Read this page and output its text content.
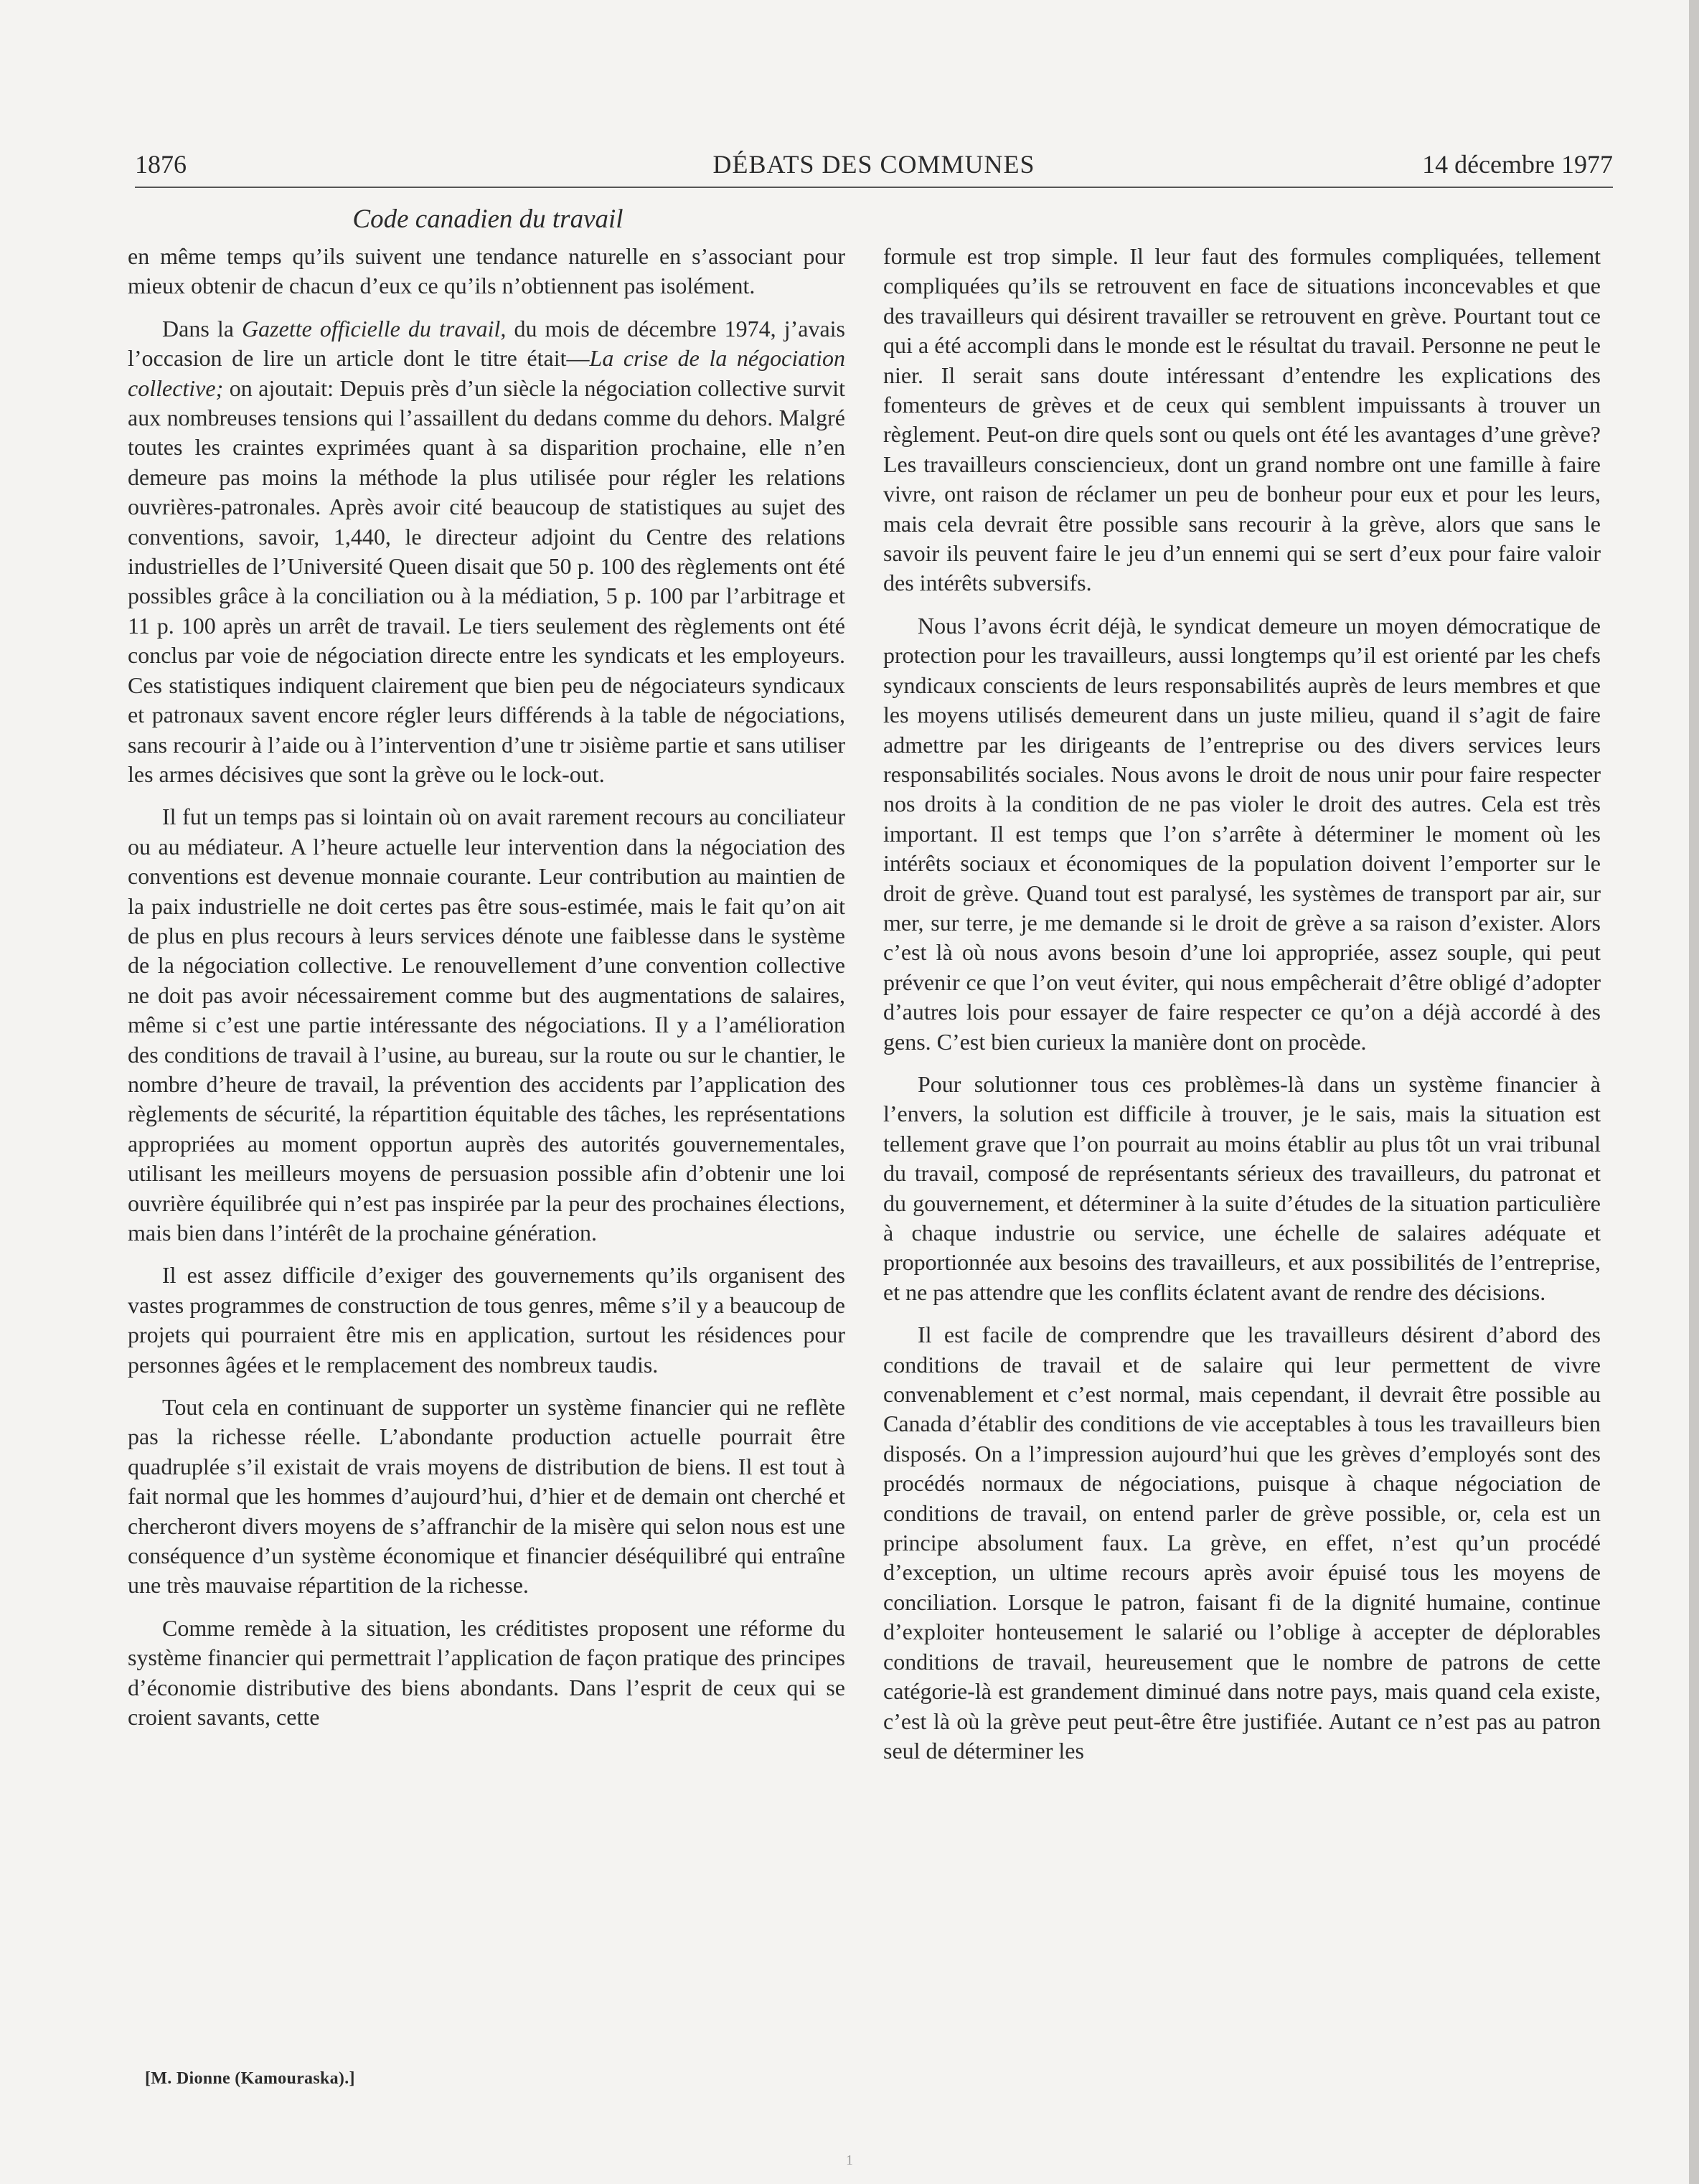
1876	DÉBATS DES COMMUNES	14 décembre 1977
Code canadien du travail

en même temps qu’ils suivent une tendance naturelle en s’associant pour mieux obtenir de chacun d’eux ce qu’ils n’obtiennent pas isolément.

Dans la Gazette officielle du travail, du mois de décembre 1974, j’avais l’occasion de lire un article dont le titre était—La crise de la négociation collective; on ajoutait: Depuis près d’un siècle la négociation collective survit aux nombreuses tensions qui l’assaillent du dedans comme du dehors. Malgré toutes les craintes exprimées quant à sa disparition prochaine, elle n’en demeure pas moins la méthode la plus utilisée pour régler les relations ouvrières-patronales. Après avoir cité beaucoup de statistiques au sujet des conventions, savoir, 1,440, le directeur adjoint du Centre des relations industrielles de l’Université Queen disait que 50 p. 100 des règlements ont été possibles grâce à la conciliation ou à la médiation, 5 p. 100 par l’arbitrage et 11 p. 100 après un arrêt de travail. Le tiers seulement des règlements ont été conclus par voie de négociation directe entre les syndicats et les employeurs. Ces statistiques indiquent clairement que bien peu de négociateurs syndicaux et patronaux savent encore régler leurs différends à la table de négociations, sans recourir à l’aide ou à l’intervention d’une tr ɔisième partie et sans utiliser les armes décisives que sont la grève ou le lock-out.

Il fut un temps pas si lointain où on avait rarement recours au conciliateur ou au médiateur. A l’heure actuelle leur intervention dans la négociation des conventions est devenue monnaie courante. Leur contribution au maintien de la paix industrielle ne doit certes pas être sous-estimée, mais le fait qu’on ait de plus en plus recours à leurs services dénote une faiblesse dans le système de la négociation collective. Le renouvellement d’une convention collective ne doit pas avoir nécessairement comme but des augmentations de salaires, même si c’est une partie intéressante des négociations. Il y a l’amélioration des conditions de travail à l’usine, au bureau, sur la route ou sur le chantier, le nombre d’heure de travail, la prévention des accidents par l’application des règlements de sécurité, la répartition équitable des tâches, les représentations appropriées au moment opportun auprès des autorités gouvernementales, utilisant les meilleurs moyens de persuasion possible afin d’obtenir une loi ouvrière équilibrée qui n’est pas inspirée par la peur des prochaines élections, mais bien dans l’intérêt de la prochaine génération.

Il est assez difficile d’exiger des gouvernements qu’ils organisent des vastes programmes de construction de tous genres, même s’il y a beaucoup de projets qui pourraient être mis en application, surtout les résidences pour personnes âgées et le remplacement des nombreux taudis.

Tout cela en continuant de supporter un système financier qui ne reflète pas la richesse réelle. L’abondante production actuelle pourrait être quadruplée s’il existait de vrais moyens de distribution de biens. Il est tout à fait normal que les hommes d’aujourd’hui, d’hier et de demain ont cherché et chercheront divers moyens de s’affranchir de la misère qui selon nous est une conséquence d’un système économique et financier déséquilibré qui entraîne une très mauvaise répartition de la richesse.

Comme remède à la situation, les créditistes proposent une réforme du système financier qui permettrait l’application de façon pratique des principes d’économie distributive des biens abondants. Dans l’esprit de ceux qui se croient savants, cette

formule est trop simple. Il leur faut des formules compliquées, tellement compliquées qu’ils se retrouvent en face de situations inconcevables et que des travailleurs qui désirent travailler se retrouvent en grève. Pourtant tout ce qui a été accompli dans le monde est le résultat du travail. Personne ne peut le nier. Il serait sans doute intéressant d’entendre les explications des fomenteurs de grèves et de ceux qui semblent impuissants à trouver un règlement. Peut-on dire quels sont ou quels ont été les avantages d’une grève? Les travailleurs consciencieux, dont un grand nombre ont une famille à faire vivre, ont raison de réclamer un peu de bonheur pour eux et pour les leurs, mais cela devrait être possible sans recourir à la grève, alors que sans le savoir ils peuvent faire le jeu d’un ennemi qui se sert d’eux pour faire valoir des intérêts subversifs.

Nous l’avons écrit déjà, le syndicat demeure un moyen démocratique de protection pour les travailleurs, aussi longtemps qu’il est orienté par les chefs syndicaux conscients de leurs responsabilités auprès de leurs membres et que les moyens utilisés demeurent dans un juste milieu, quand il s’agit de faire admettre par les dirigeants de l’entreprise ou des divers services leurs responsabilités sociales. Nous avons le droit de nous unir pour faire respecter nos droits à la condition de ne pas violer le droit des autres. Cela est très important. Il est temps que l’on s’arrête à déterminer le moment où les intérêts sociaux et économiques de la population doivent l’emporter sur le droit de grève. Quand tout est paralysé, les systèmes de transport par air, sur mer, sur terre, je me demande si le droit de grève a sa raison d’exister. Alors c’est là où nous avons besoin d’une loi appropriée, assez souple, qui peut prévenir ce que l’on veut éviter, qui nous empêcherait d’être obligé d’adopter d’autres lois pour essayer de faire respecter ce qu’on a déjà accordé à des gens. C’est bien curieux la manière dont on procède.

Pour solutionner tous ces problèmes-là dans un système financier à l’envers, la solution est difficile à trouver, je le sais, mais la situation est tellement grave que l’on pourrait au moins établir au plus tôt un vrai tribunal du travail, composé de représentants sérieux des travailleurs, du patronat et du gouvernement, et déterminer à la suite d’études de la situation particulière à chaque industrie ou service, une échelle de salaires adéquate et proportionnée aux besoins des travailleurs, et aux possibilités de l’entreprise, et ne pas attendre que les conflits éclatent avant de rendre des décisions.

Il est facile de comprendre que les travailleurs désirent d’abord des conditions de travail et de salaire qui leur permettent de vivre convenablement et c’est normal, mais cependant, il devrait être possible au Canada d’établir des conditions de vie acceptables à tous les travailleurs bien disposés. On a l’impression aujourd’hui que les grèves d’employés sont des procédés normaux de négociations, puisque à chaque négociation de conditions de travail, on entend parler de grève possible, or, cela est un principe absolument faux. La grève, en effet, n’est qu’un procédé d’exception, un ultime recours après avoir épuisé tous les moyens de conciliation. Lorsque le patron, faisant fi de la dignité humaine, continue d’exploiter honteusement le salarié ou l’oblige à accepter de déplorables conditions de travail, heureusement que le nombre de patrons de cette catégorie-là est grandement diminué dans notre pays, mais quand cela existe, c’est là où la grève peut peut-être être justifiée. Autant ce n’est pas au patron seul de déterminer les

[M. Dionne (Kamouraska).]
1
